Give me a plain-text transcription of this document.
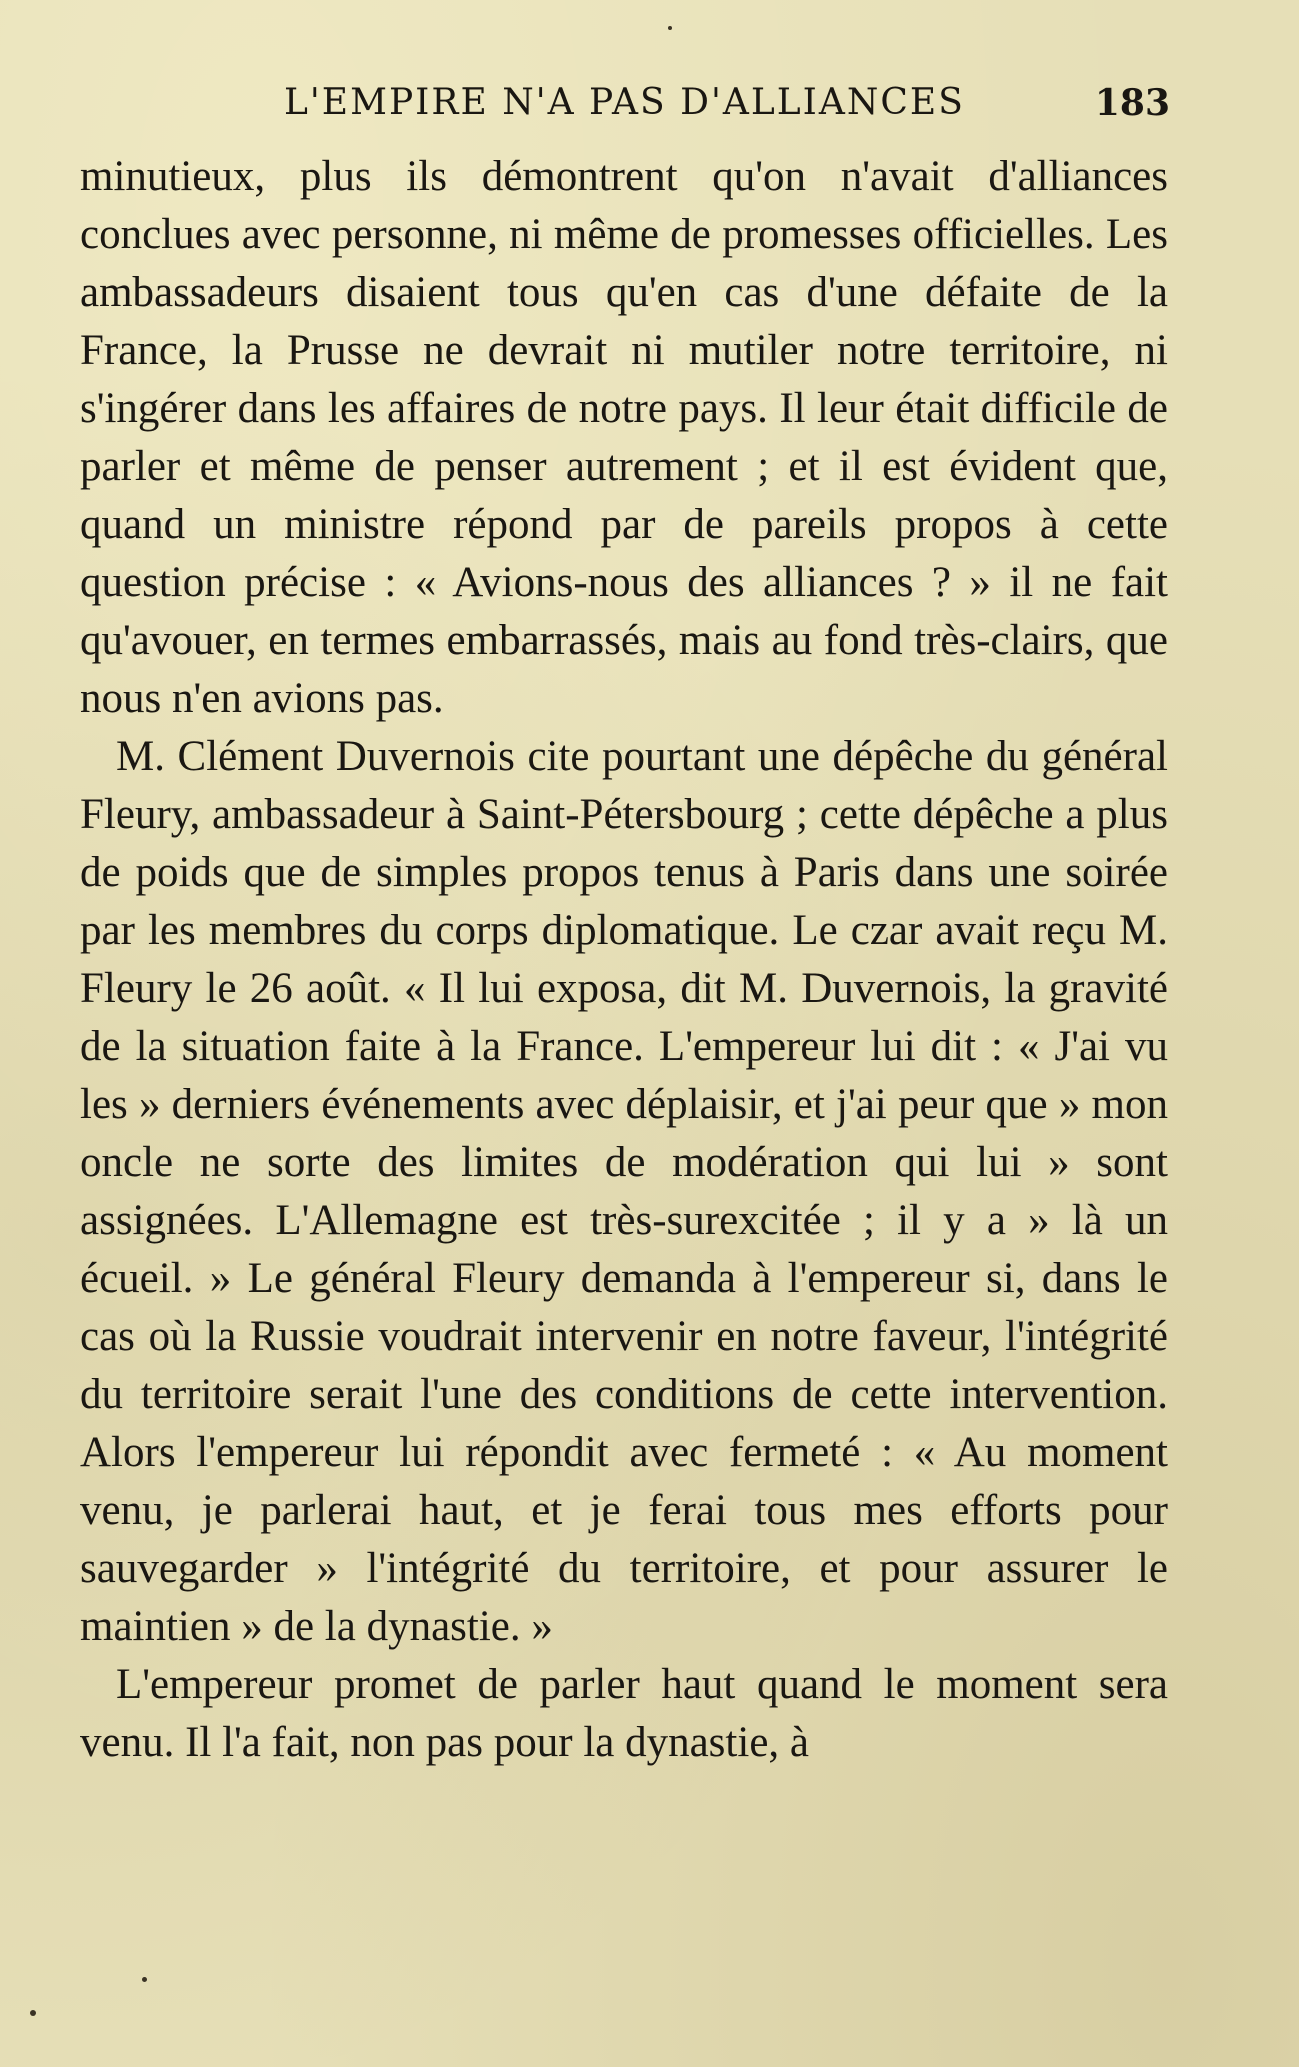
L'EMPIRE N'A PAS D'ALLIANCES	183

minutieux, plus ils démontrent qu'on n'avait d'alliances conclues avec personne, ni même de promesses officielles. Les ambassadeurs disaient tous qu'en cas d'une défaite de la France, la Prusse ne devrait ni mutiler notre territoire, ni s'ingérer dans les affaires de notre pays. Il leur était difficile de parler et même de penser autrement ; et il est évident que, quand un ministre répond par de pareils propos à cette question précise : « Avions-nous des alliances ? » il ne fait qu'avouer, en termes embarrassés, mais au fond très-clairs, que nous n'en avions pas.

M. Clément Duvernois cite pourtant une dépêche du général Fleury, ambassadeur à Saint-Pétersbourg ; cette dépêche a plus de poids que de simples propos tenus à Paris dans une soirée par les membres du corps diplomatique. Le czar avait reçu M. Fleury le 26 août. « Il lui exposa, dit M. Duvernois, la gravité de la situation faite à la France. L'empereur lui dit : « J'ai vu les » derniers événements avec déplaisir, et j'ai peur que » mon oncle ne sorte des limites de modération qui lui » sont assignées. L'Allemagne est très-surexcitée ; il y a » là un écueil. » Le général Fleury demanda à l'empereur si, dans le cas où la Russie voudrait intervenir en notre faveur, l'intégrité du territoire serait l'une des conditions de cette intervention. Alors l'empereur lui répondit avec fermeté : « Au moment venu, je parlerai haut, et je ferai tous mes efforts pour sauvegarder » l'intégrité du territoire, et pour assurer le maintien » de la dynastie. »

L'empereur promet de parler haut quand le moment sera venu. Il l'a fait, non pas pour la dynastie, à
